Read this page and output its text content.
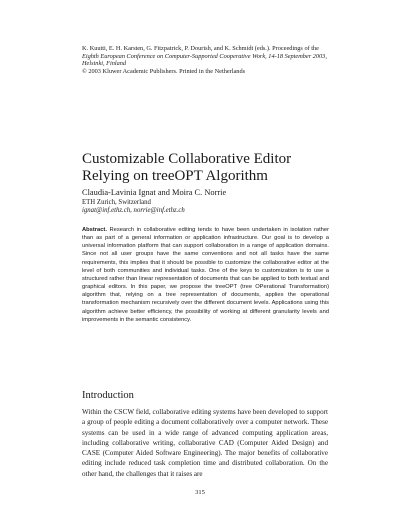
K. Kuutti, E. H. Karsten, G. Fitzpatrick, P. Dourish, and K. Schmidt (eds.). Proceedings of the
Eighth European Conference on Computer-Supported Cooperative Work, 14-18 September 2003,
Helsinki, Finland
© 2003 Kluwer Academic Publishers. Printed in the Netherlands
Customizable Collaborative Editor
Relying on treeOPT Algorithm
Claudia-Lavinia Ignat and Moira C. Norrie
ETH Zurich, Switzerland
ignat@inf.ethz.ch, norrie@inf.ethz.ch
Abstract. Research in collaborative editing tends to have been undertaken in isolation rather than as part of a general information or application infrastructure. Our goal is to develop a universal information platform that can support collaboration in a range of application domains. Since not all user groups have the same conventions and not all tasks have the same requirements, this implies that it should be possible to customize the collaborative editor at the level of both communities and individual tasks. One of the keys to customization is to use a structured rather than linear representation of documents that can be applied to both textual and graphical editors. In this paper, we propose the treeOPT (tree OPerational Transformation) algorithm that, relying on a tree representation of documents, applies the operational transformation mechanism recursively over the different document levels. Applications using this algorithm achieve better efficiency, the possibility of working at different granularity levels and improvements in the semantic consistency.
Introduction
Within the CSCW field, collaborative editing systems have been developed to support a group of people editing a document collaboratively over a computer network. These systems can be used in a wide range of advanced computing application areas, including collaborative writing, collaborative CAD (Computer Aided Design) and CASE (Computer Aided Software Engineering). The major benefits of collaborative editing include reduced task completion time and distributed collaboration. On the other hand, the challenges that it raises are
315
